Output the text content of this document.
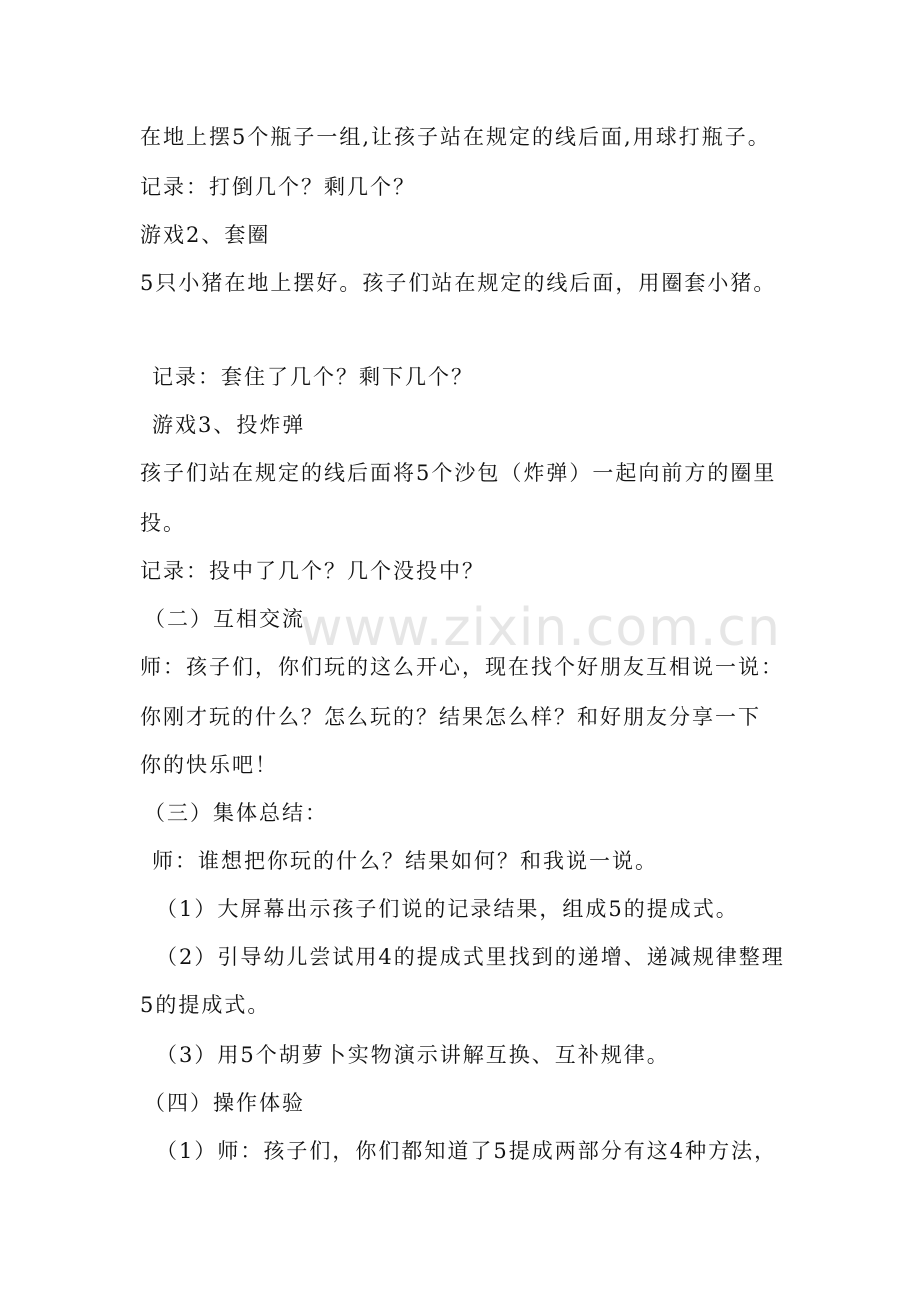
www.zixin.com.cn
在地上摆5个瓶子一组,让孩子站在规定的线后面,用球打瓶子。
记录：打倒几个？剩几个？
游戏2、套圈
5只小猪在地上摆好。孩子们站在规定的线后面，用圈套小猪。
记录：套住了几个？剩下几个？
游戏3、投炸弹
孩子们站在规定的线后面将5个沙包（炸弹）一起向前方的圈里
投。
记录：投中了几个？几个没投中？
（二）互相交流
师：孩子们，你们玩的这么开心，现在找个好朋友互相说一说：
你刚才玩的什么？怎么玩的？结果怎么样？和好朋友分享一下
你的快乐吧！
（三）集体总结：
师：谁想把你玩的什么？结果如何？和我说一说。
（1）大屏幕出示孩子们说的记录结果，组成5的提成式。
（2）引导幼儿尝试用4的提成式里找到的递增、递减规律整理
5的提成式。
（3）用5个胡萝卜实物演示讲解互换、互补规律。
（四）操作体验
（1）师：孩子们，你们都知道了5提成两部分有这4种方法，
